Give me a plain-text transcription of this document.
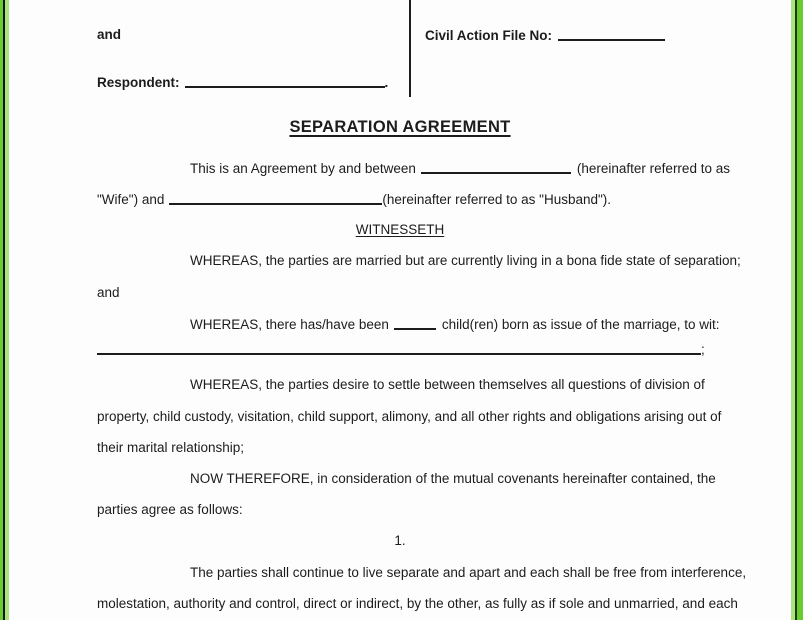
and	Civil Action File No:
Respondent:	.
SEPARATION AGREEMENT
This is an Agreement by and between	(hereinafter referred to as
"Wife") and	(hereinafter referred to as "Husband").
WITNESSETH
WHEREAS, the parties are married but are currently living in a bona fide state of separation;
and
WHEREAS, there has/have been	child(ren) born as issue of the marriage, to wit:
;
WHEREAS, the parties desire to settle between themselves all questions of division of
property, child custody, visitation, child support, alimony, and all other rights and obligations arising out of
their marital relationship;
NOW THEREFORE, in consideration of the mutual covenants hereinafter contained, the
parties agree as follows:
1.
The parties shall continue to live separate and apart and each shall be free from interference,
molestation, authority and control, direct or indirect, by the other, as fully as if sole and unmarried, and each
